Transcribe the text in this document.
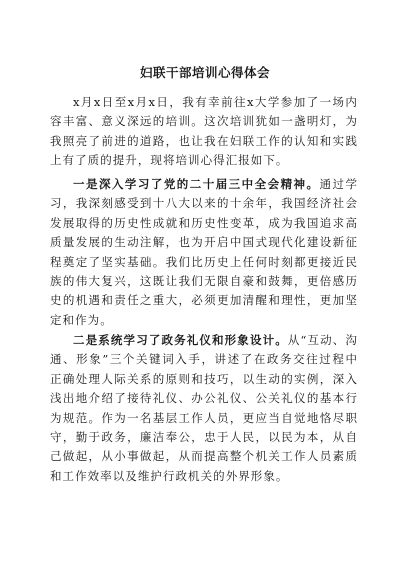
妇联干部培训心得体会

x月x日至x月x日，我有幸前往x大学参加了一场内容丰富、意义深远的培训。这次培训犹如一盏明灯，为我照亮了前进的道路，也让我在妇联工作的认知和实践上有了质的提升，现将培训心得汇报如下。

一是深入学习了党的二十届三中全会精神。通过学习，我深刻感受到十八大以来的十余年，我国经济社会发展取得的历史性成就和历史性变革，成为我国追求高质量发展的生动注解，也为开启中国式现代化建设新征程奠定了坚实基础。我们比历史上任何时刻都更接近民族的伟大复兴，这既让我们无限自豪和鼓舞，更倍感历史的机遇和责任之重大，必须更加清醒和理性，更加坚定和作为。

二是系统学习了政务礼仪和形象设计。从“互动、沟通、形象”三个关键词入手，讲述了在政务交往过程中正确处理人际关系的原则和技巧，以生动的实例，深入浅出地介绍了接待礼仪、办公礼仪、公关礼仪的基本行为规范。作为一名基层工作人员，更应当自觉地恪尽职守，勤于政务，廉洁奉公，忠于人民，以民为本，从自己做起，从小事做起，从而提高整个机关工作人员素质和工作效率以及维护行政机关的外界形象。
